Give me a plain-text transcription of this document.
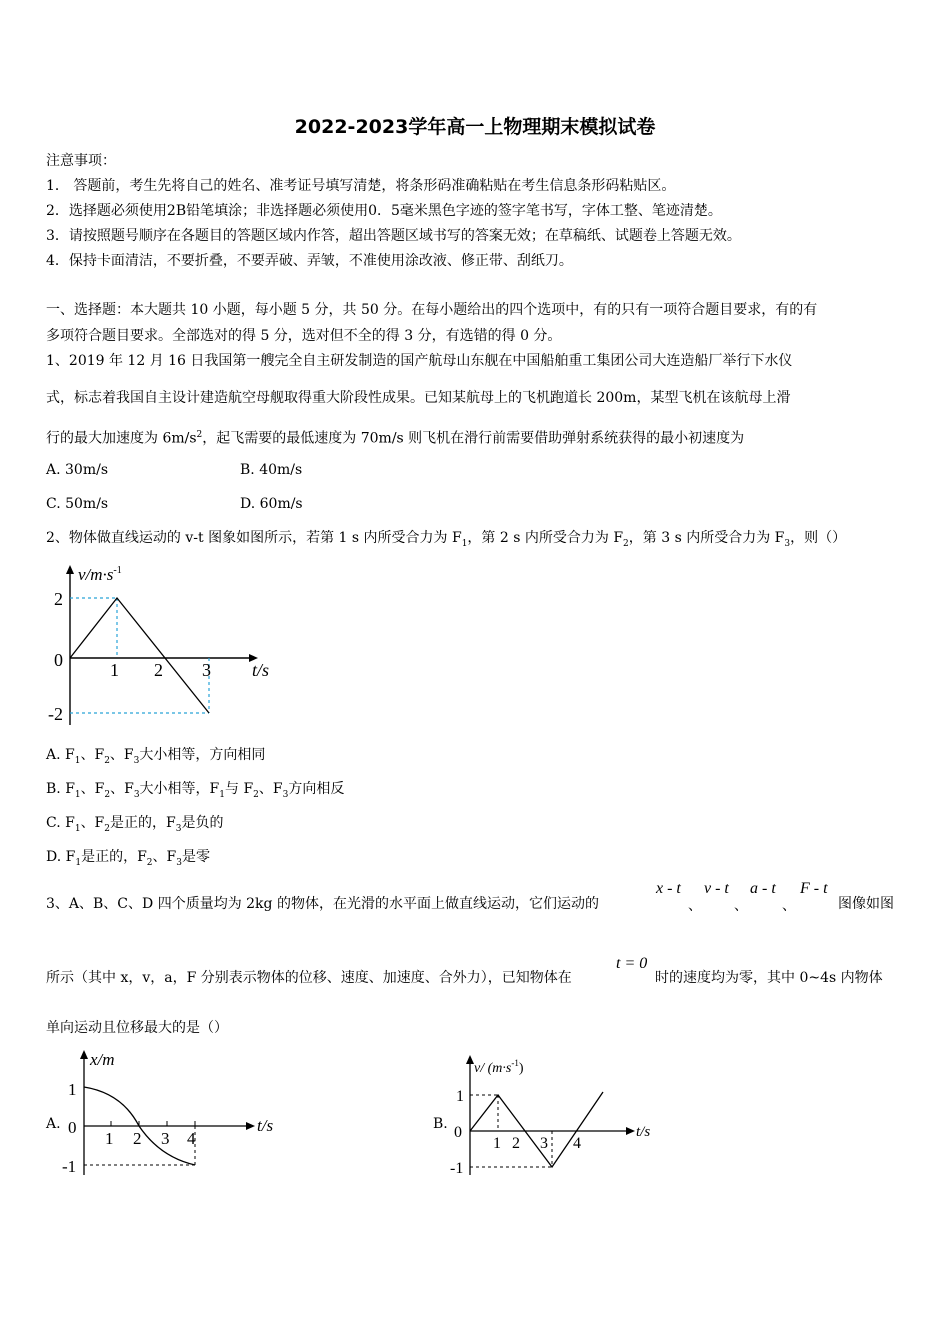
2022-2023学年高一上物理期末模拟试卷
注意事项：
1． 答题前，考生先将自己的姓名、准考证号填写清楚，将条形码准确粘贴在考生信息条形码粘贴区。
2．选择题必须使用2B铅笔填涂；非选择题必须使用0．5毫米黑色字迹的签字笔书写，字体工整、笔迹清楚。
3．请按照题号顺序在各题目的答题区域内作答，超出答题区域书写的答案无效；在草稿纸、试题卷上答题无效。
4．保持卡面清洁，不要折叠，不要弄破、弄皱，不准使用涂改液、修正带、刮纸刀。
一、选择题：本大题共 10 小题，每小题 5 分，共 50 分。在每小题给出的四个选项中，有的只有一项符合题目要求，有的有
多项符合题目要求。全部选对的得 5 分，选对但不全的得 3 分，有选错的得 0 分。
1、2019 年 12 月 16 日我国第一艘完全自主研发制造的国产航母山东舰在中国船舶重工集团公司大连造船厂举行下水仪
式，标志着我国自主设计建造航空母舰取得重大阶段性成果。已知某航母上的飞机跑道长 200m，某型飞机在该航母上滑
行的最大加速度为 $6m/s^2$，起飞需要的最低速度为 70m/s 则飞机在滑行前需要借助弹射系统获得的最小初速度为
A. 30m/s	B. 40m/s
C. 50m/s	D. 60m/s
2、物体做直线运动的 v-t 图象如图所示，若第 1 s 内所受合力为 $F_1$，第 2 s 内所受合力为 $F_2$，第 3 s 内所受合力为 $F_3$，则（）
$v/m\cdot s^{-1}$
2
0
-2
1 2 3 t/s
A. $F_1$、$F_2$、$F_3$大小相等，方向相同
B. $F_1$、$F_2$、$F_3$大小相等，$F_1$与 $F_2$、$F_3$方向相反
C. $F_1$、$F_2$是正的，$F_3$是负的
D. $F_1$是正的，$F_2$、$F_3$是零
3、A、B、C、D 四个质量均为 2kg 的物体，在光滑的水平面上做直线运动，它们运动的
x - t
、
v - t
、
a - t
、
F - t
图像如图
所示（其中 x，v，a，F 分别表示物体的位移、速度、加速度、合外力），已知物体在
t = 0
时的速度均为零，其中 0~4s 内物体
单向运动且位移最大的是（）
A.
x/m
1
0
-1
1 2 3 4
t/s	B.
v/ $(m\cdot s^{-1})$
1
0
-1
1 2 3 4
t/s
